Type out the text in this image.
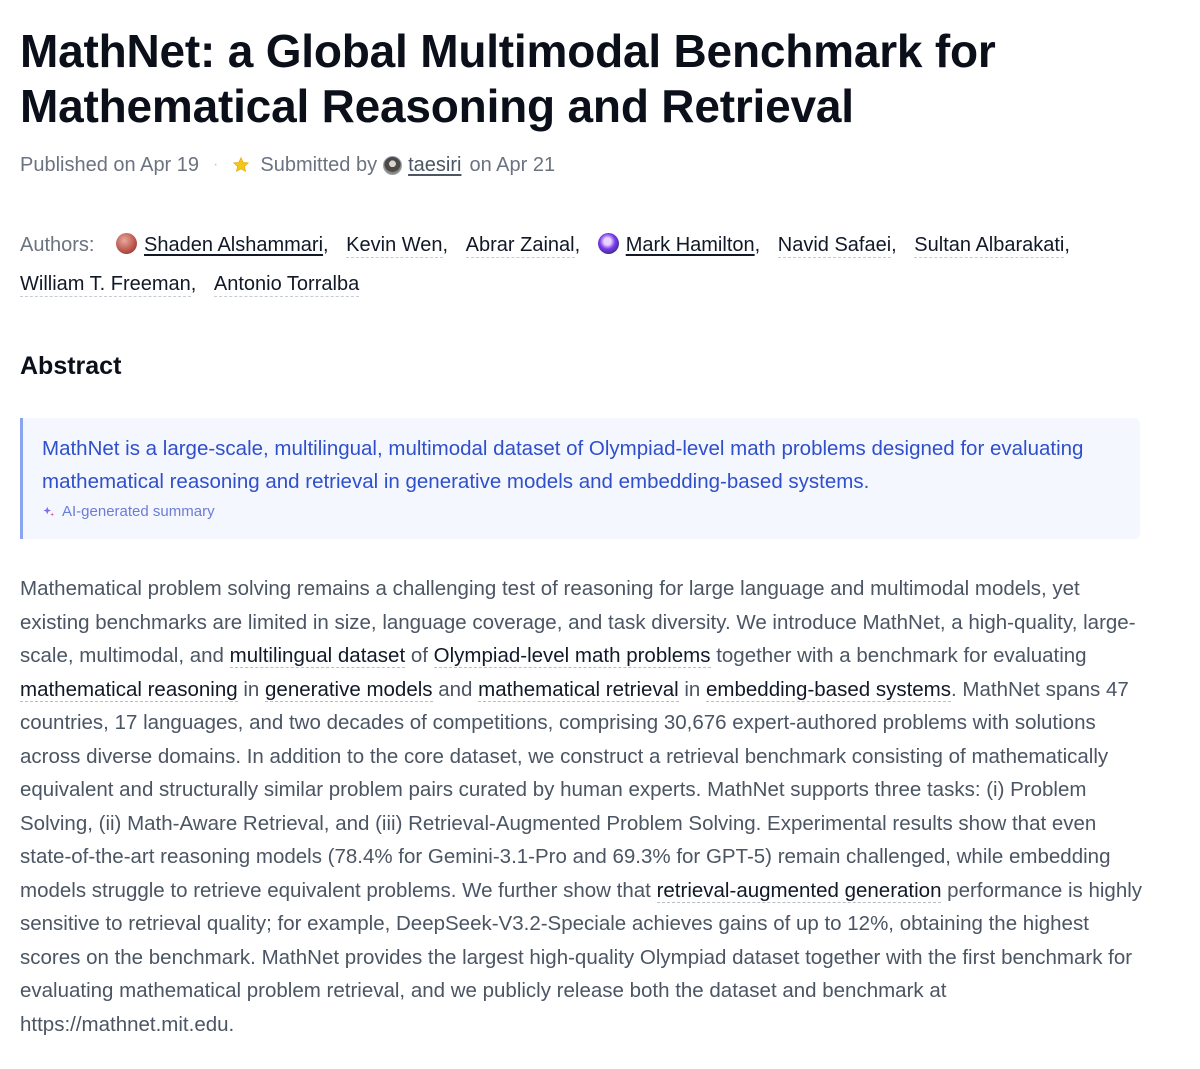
MathNet: a Global Multimodal Benchmark for Mathematical Reasoning and Retrieval
Published on Apr 19 · Submitted by taesiri on Apr 21
Authors: Shaden Alshammari, Kevin Wen, Abrar Zainal, Mark Hamilton, Navid Safaei, Sultan Albarakati,
William T. Freeman, Antonio Torralba
Abstract
MathNet is a large-scale, multilingual, multimodal dataset of Olympiad-level math problems designed for evaluating mathematical reasoning and retrieval in generative models and embedding-based systems.
AI-generated summary
Mathematical problem solving remains a challenging test of reasoning for large language and multimodal models, yet existing benchmarks are limited in size, language coverage, and task diversity. We introduce MathNet, a high-quality, large-scale, multimodal, and multilingual dataset of Olympiad-level math problems together with a benchmark for evaluating mathematical reasoning in generative models and mathematical retrieval in embedding-based systems. MathNet spans 47 countries, 17 languages, and two decades of competitions, comprising 30,676 expert-authored problems with solutions across diverse domains. In addition to the core dataset, we construct a retrieval benchmark consisting of mathematically equivalent and structurally similar problem pairs curated by human experts. MathNet supports three tasks: (i) Problem Solving, (ii) Math-Aware Retrieval, and (iii) Retrieval-Augmented Problem Solving. Experimental results show that even state-of-the-art reasoning models (78.4% for Gemini-3.1-Pro and 69.3% for GPT-5) remain challenged, while embedding models struggle to retrieve equivalent problems. We further show that retrieval-augmented generation performance is highly sensitive to retrieval quality; for example, DeepSeek-V3.2-Speciale achieves gains of up to 12%, obtaining the highest scores on the benchmark. MathNet provides the largest high-quality Olympiad dataset together with the first benchmark for evaluating mathematical problem retrieval, and we publicly release both the dataset and benchmark at https://mathnet.mit.edu.
